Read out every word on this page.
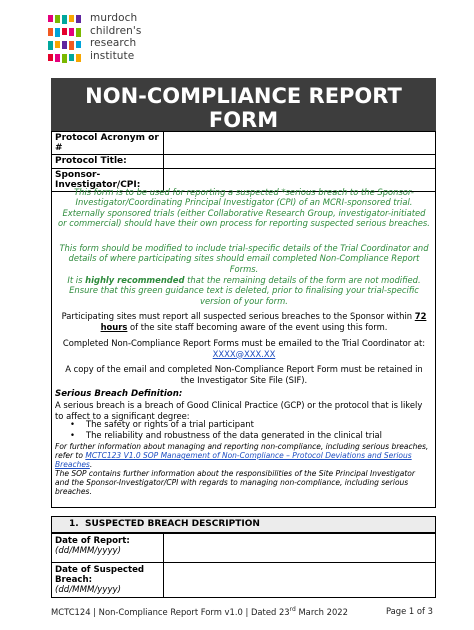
murdoch
children's
research
institute
NON-COMPLIANCE REPORT FORM
Protocol Acronym or #	
Protocol Title:	
Sponsor-Investigator/CPI:	
This form is to be used for reporting a suspected *serious breach to the Sponsor-Investigator/Coordinating Principal Investigator (CPI) of an MCRI-sponsored trial. Externally sponsored trials (either Collaborative Research Group, investigator-initiated or commercial) should have their own process for reporting suspected serious breaches.
This form should be modified to include trial-specific details of the Trial Coordinator and details of where participating sites should email completed Non-Compliance Report Forms.
It is highly recommended that the remaining details of the form are not modified. Ensure that this green guidance text is deleted, prior to finalising your trial-specific version of your form.
Participating sites must report all suspected serious breaches to the Sponsor within 72 hours of the site staff becoming aware of the event using this form.
Completed Non-Compliance Report Forms must be emailed to the Trial Coordinator at: XXXX@XXX.XX
A copy of the email and completed Non-Compliance Report Form must be retained in the Investigator Site File (SIF).
Serious Breach Definition:
A serious breach is a breach of Good Clinical Practice (GCP) or the protocol that is likely to affect to a significant degree:
• The safety or rights of a trial participant
• The reliability and robustness of the data generated in the clinical trial
For further information about managing and reporting non-compliance, including serious breaches, refer to MCTC123 V1.0 SOP Management of Non-Compliance – Protocol Deviations and Serious Breaches.
The SOP contains further information about the responsibilities of the Site Principal Investigator and the Sponsor-Investigator/CPI with regards to managing non-compliance, including serious breaches.
1. SUSPECTED BREACH DESCRIPTION
Date of Report:
(dd/MMM/yyyy)	
Date of Suspected Breach:
(dd/MMM/yyyy)	
MCTC124 | Non-Compliance Report Form v1.0 | Dated 23rd March 2022	Page 1 of 3
